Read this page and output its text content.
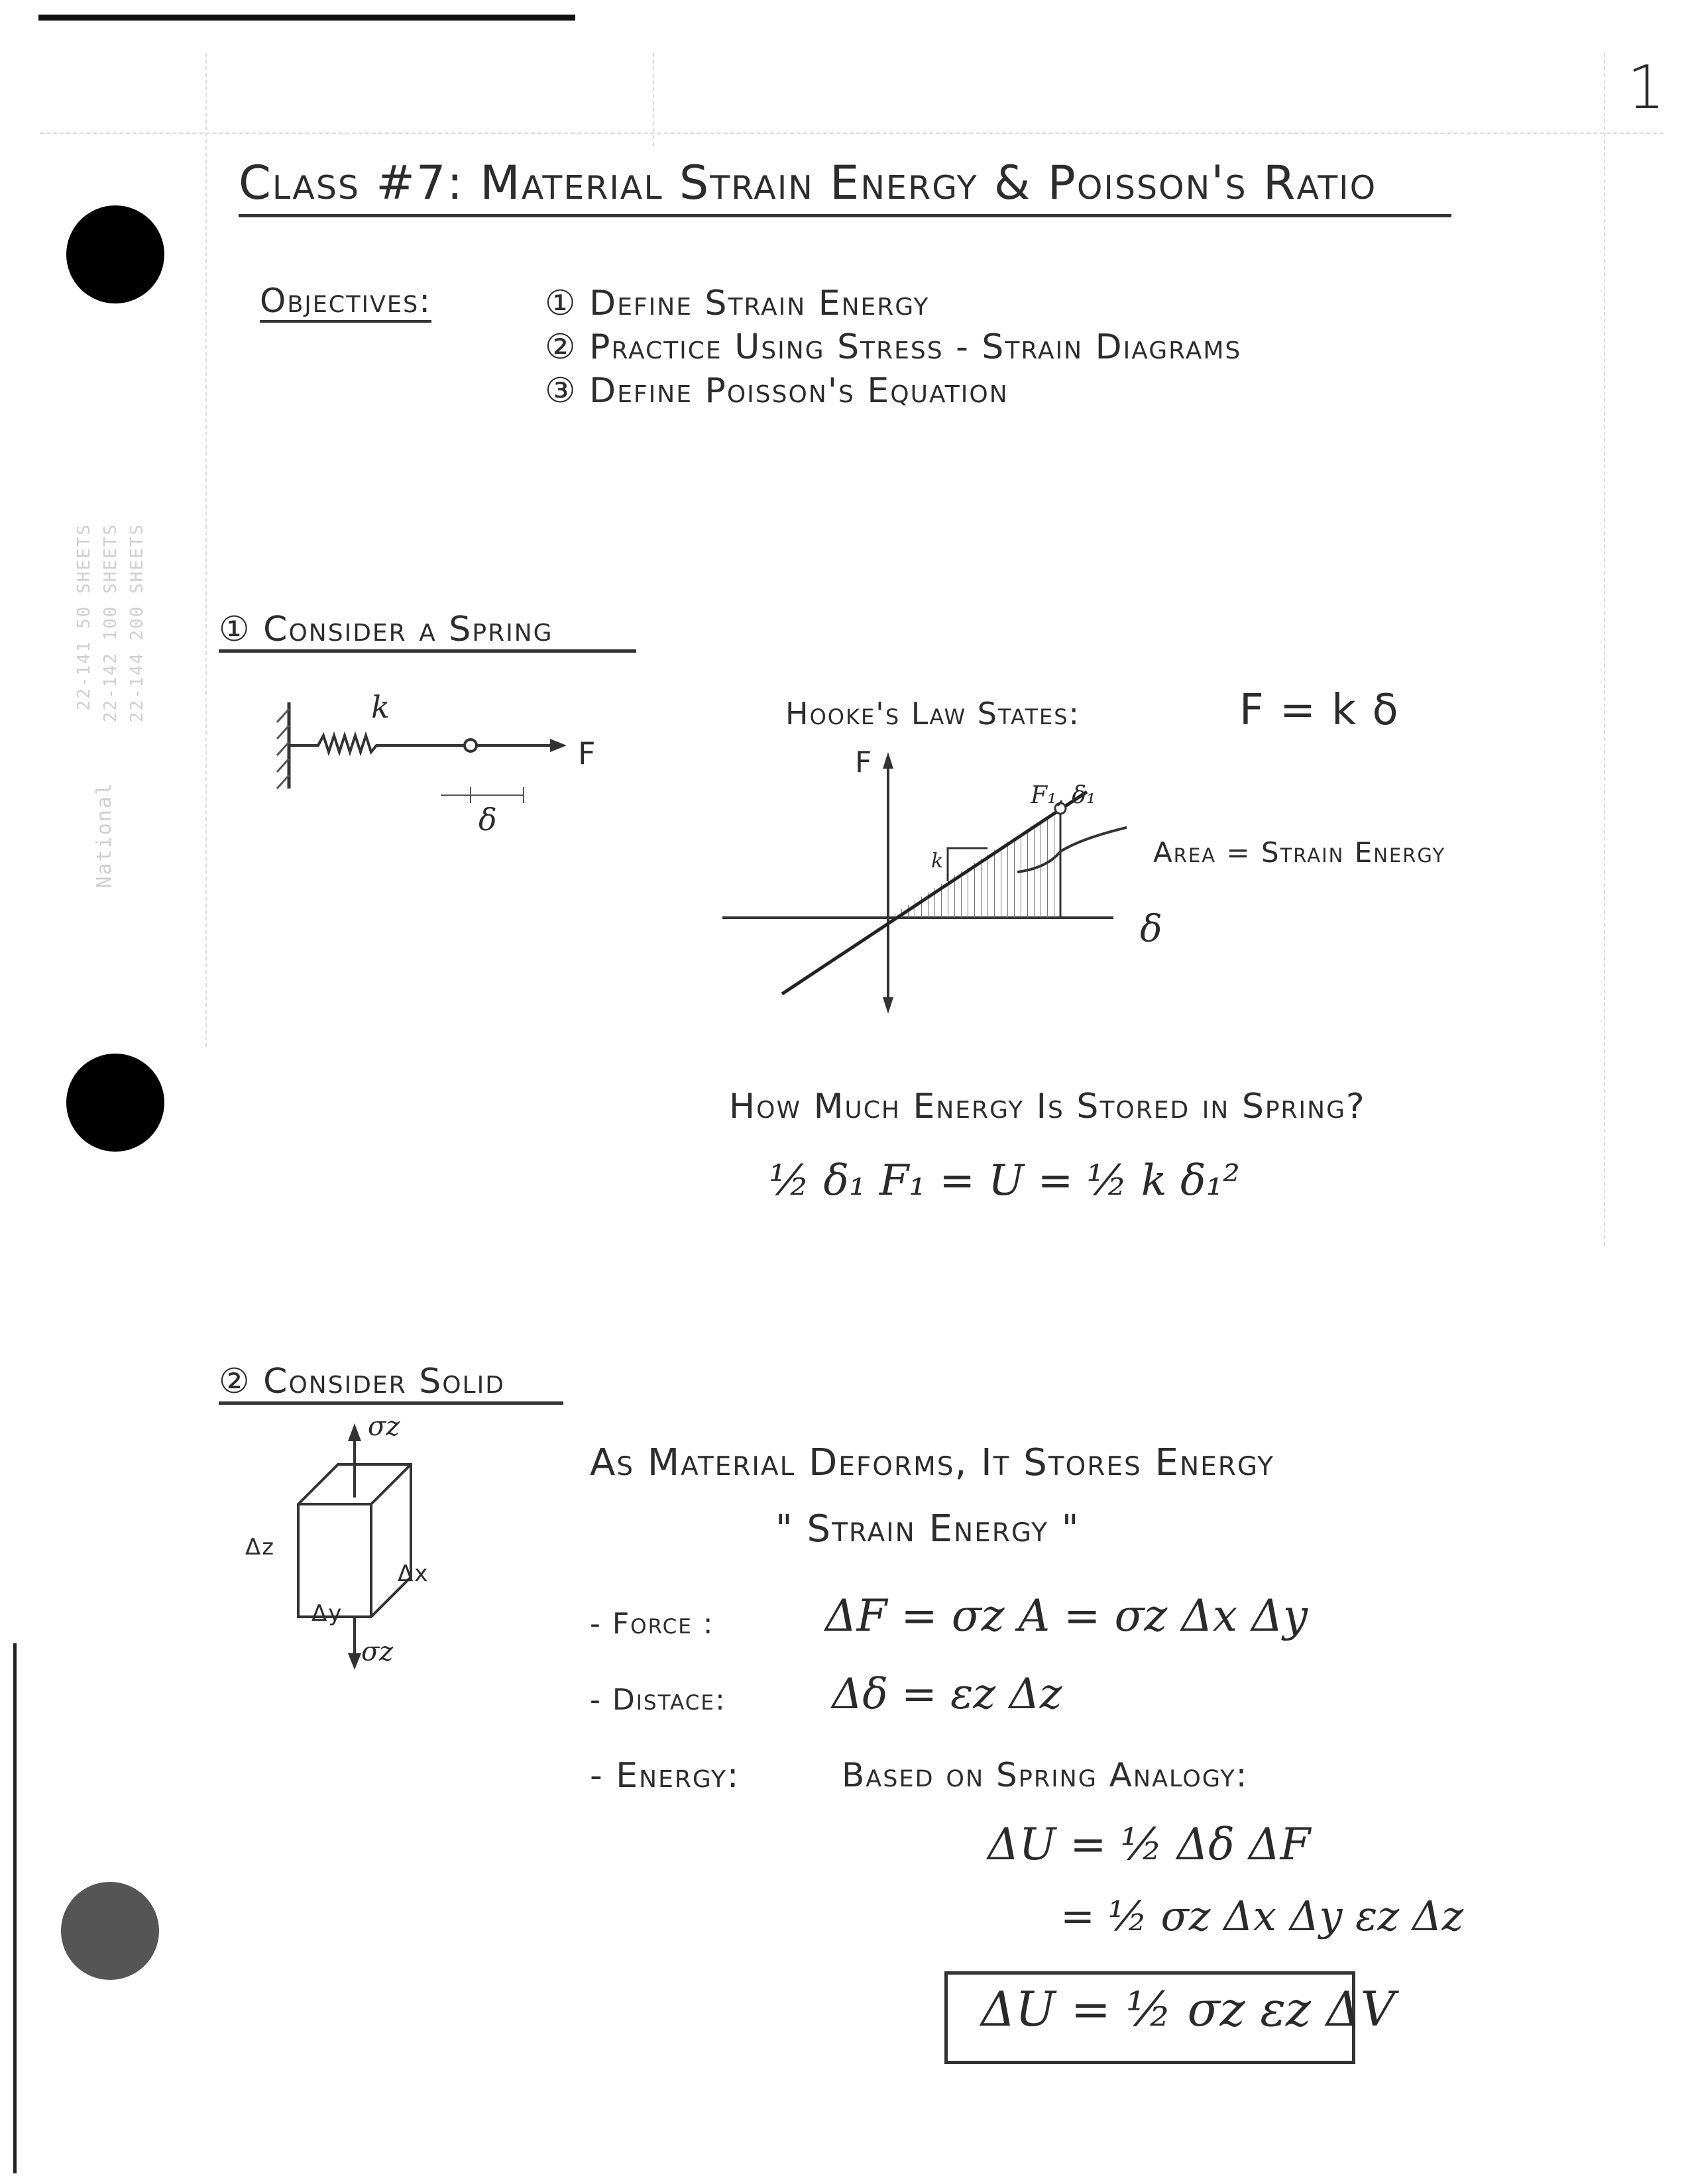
22-141 50 SHEETS 22-142 100 SHEETS 22-144 200 SHEETS
National
1
Class #7: Material Strain Energy & Poisson's Ratio
Objectives:	① Define Strain Energy
② Practice Using Stress - Strain Diagrams
③ Define Poisson's Equation
① Consider a Spring
k
F
δ
Hooke's Law States:	F = k δ
F
δ
F₁, δ₁
k	Area = Strain Energy
How Much Energy Is Stored in Spring?
½ δ₁ F₁ = U = ½ k δ₁²
② Consider Solid
σz
σz
Δz
Δx
Δy
As Material Deforms, It Stores Energy
" Strain Energy "
- Force :	ΔF = σz A = σz Δx Δy
- Distace: Δδ = εz Δz
- Energy:	Based on Spring Analogy:
ΔU = ½ Δδ ΔF
= ½ σz Δx Δy εz Δz
ΔU = ½ σz εz ΔV
